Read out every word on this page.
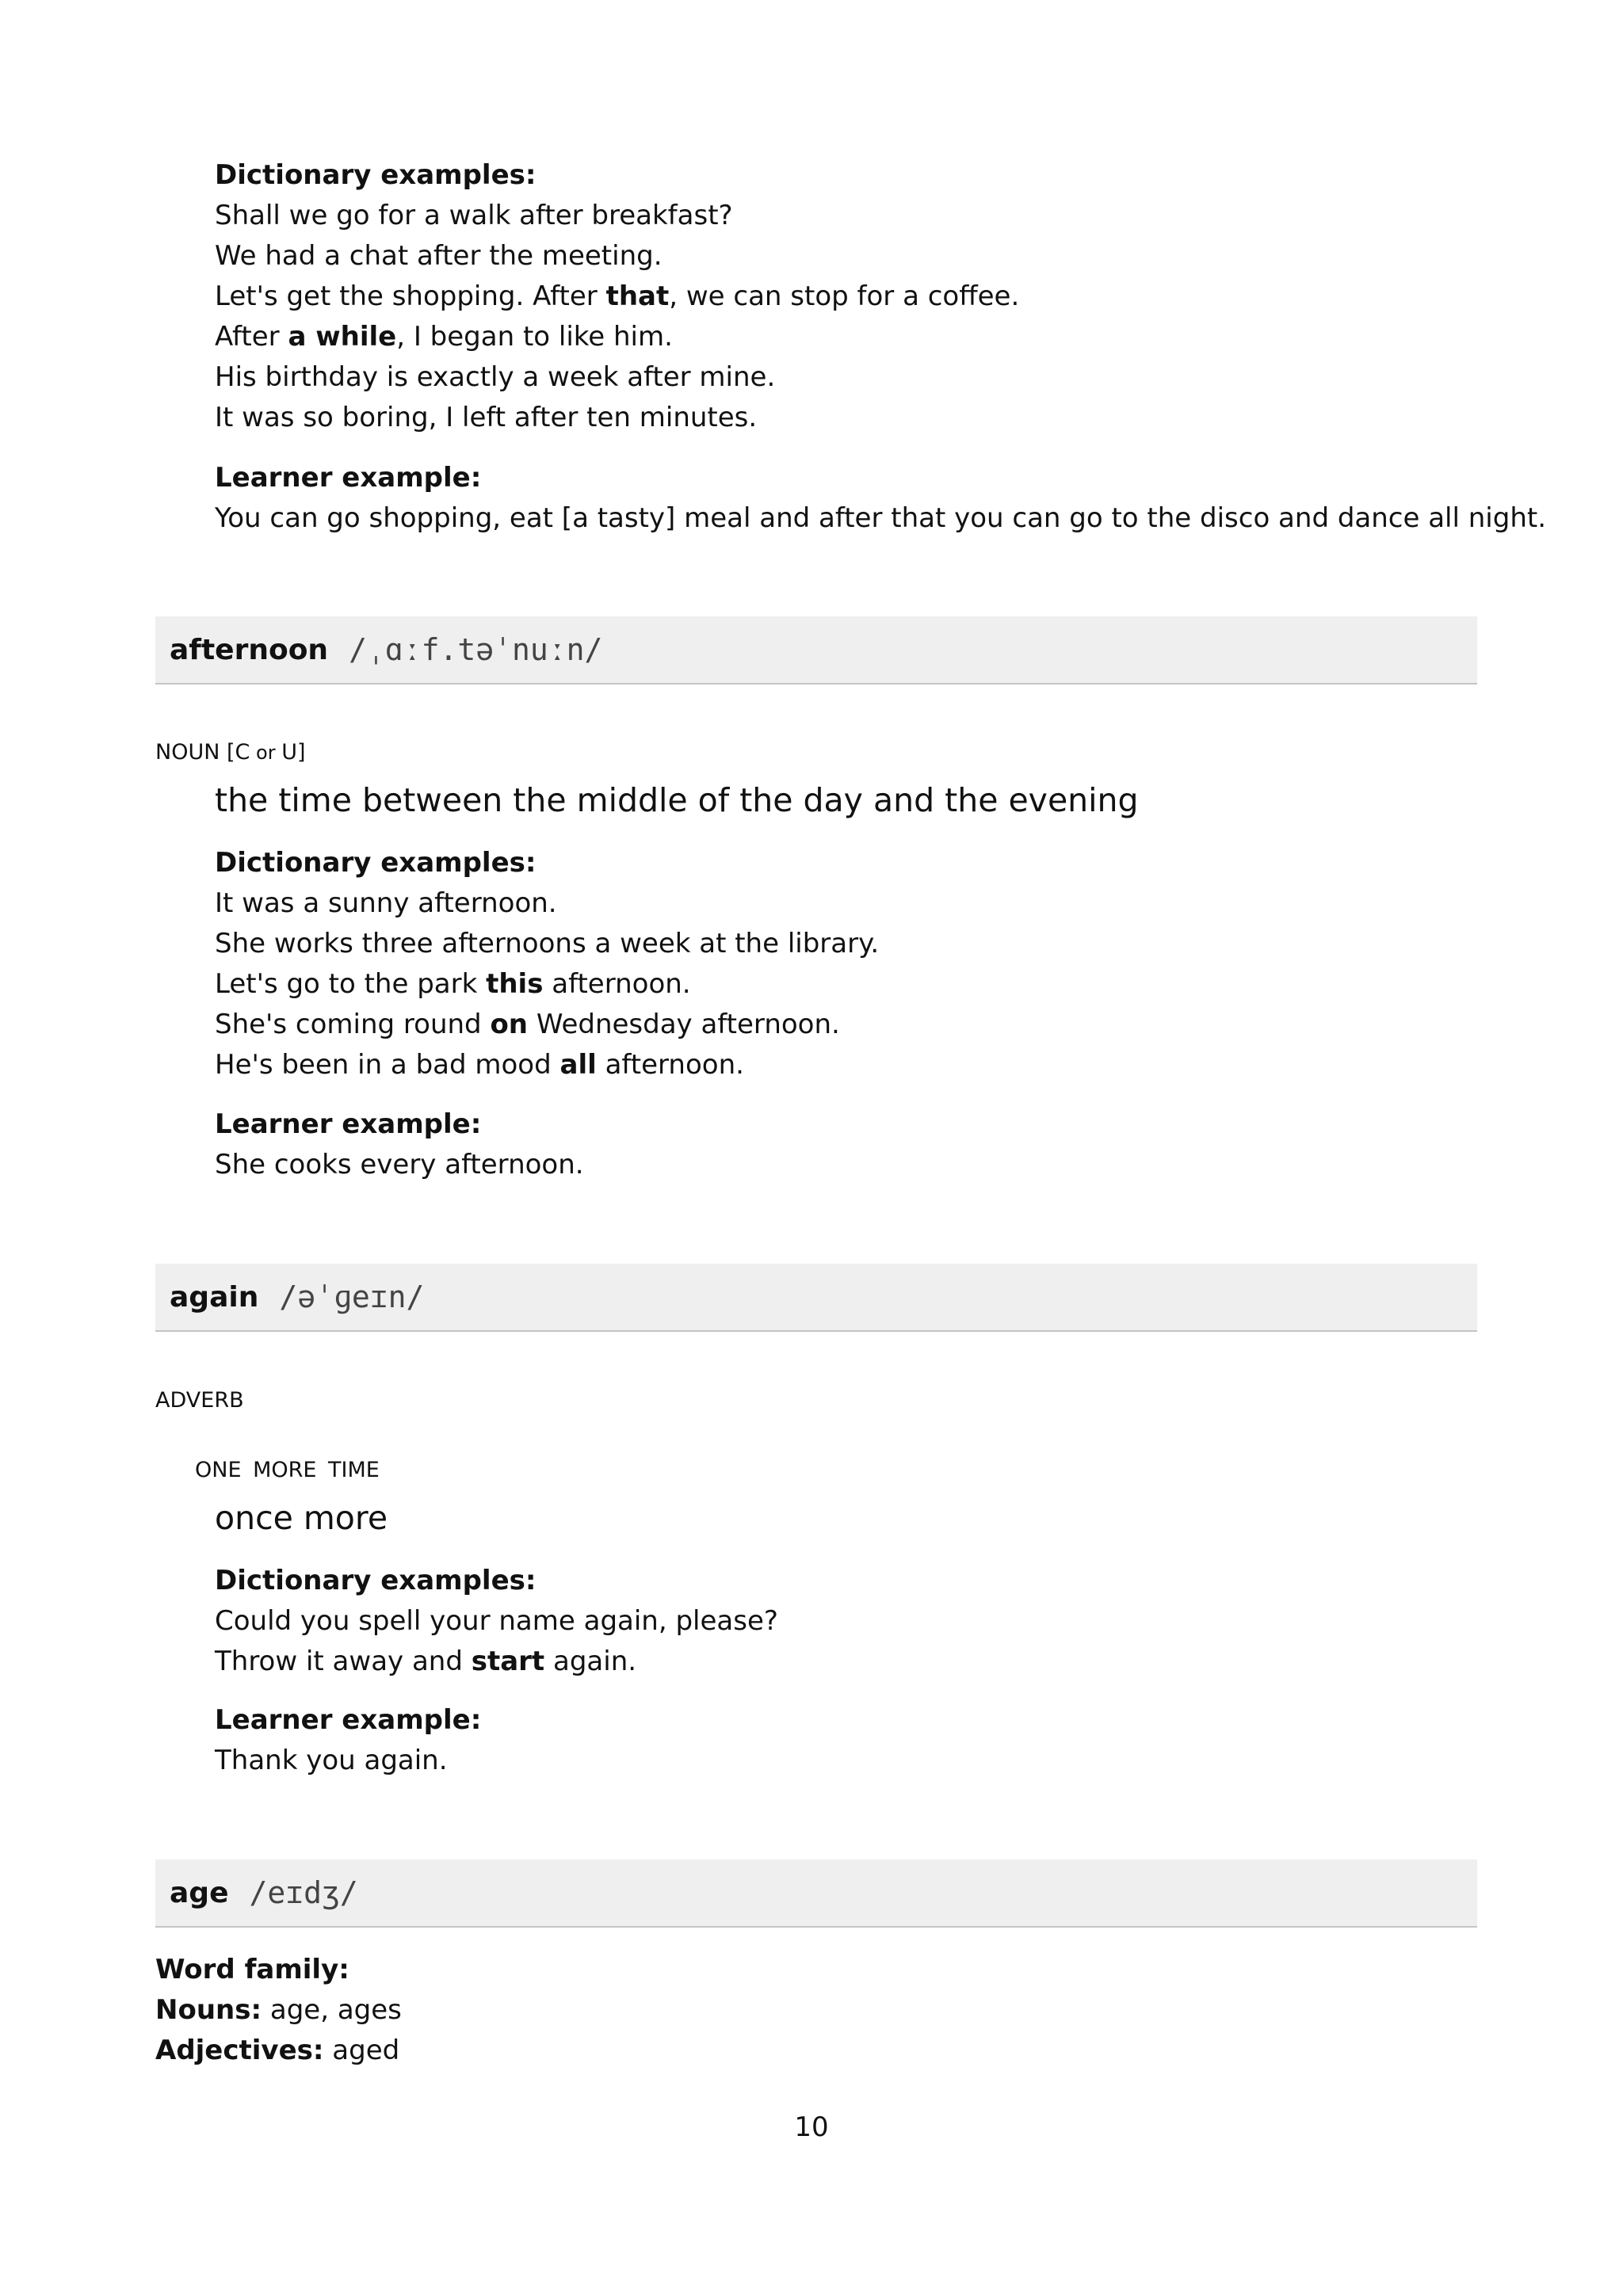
Dictionary examples:
Shall we go for a walk after breakfast?
We had a chat after the meeting.
Let's get the shopping. After that, we can stop for a coffee.
After a while, I began to like him.
His birthday is exactly a week after mine.
It was so boring, I left after ten minutes.
Learner example:
You can go shopping, eat [a tasty] meal and after that you can go to the disco and dance all night.
afternoon /ˌɑːf.təˈnuːn/
NOUN [C or U]
the time between the middle of the day and the evening
Dictionary examples:
It was a sunny afternoon.
She works three afternoons a week at the library.
Let's go to the park this afternoon.
She's coming round on Wednesday afternoon.
He's been in a bad mood all afternoon.
Learner example:
She cooks every afternoon.
again /əˈɡeɪn/
ADVERB
ONE MORE TIME
once more
Dictionary examples:
Could you spell your name again, please?
Throw it away and start again.
Learner example:
Thank you again.
age /eɪdʒ/
Word family:
Nouns: age, ages
Adjectives: aged
10
